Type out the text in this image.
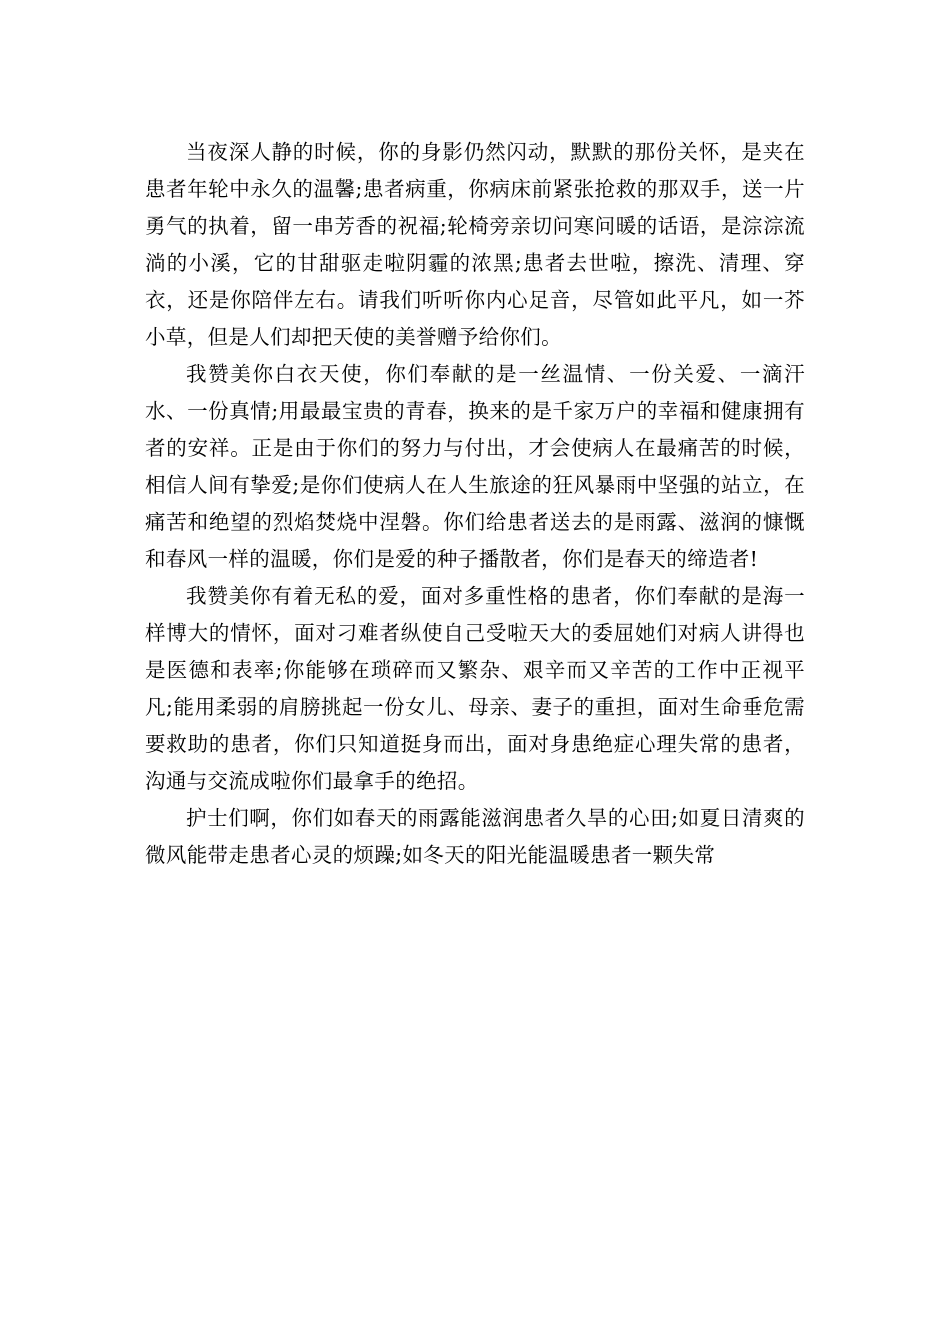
当夜深人静的时候，你的身影仍然闪动，默默的那份关怀，是夹在患者年轮中永久的温馨;患者病重，你病床前紧张抢救的那双手，送一片勇气的执着，留一串芳香的祝福;轮椅旁亲切问寒问暖的话语，是淙淙流淌的小溪，它的甘甜驱走啦阴霾的浓黑;患者去世啦，擦洗、清理、穿衣，还是你陪伴左右。请我们听听你内心足音，尽管如此平凡，如一芥小草，但是人们却把天使的美誉赠予给你们。

我赞美你白衣天使，你们奉献的是一丝温情、一份关爱、一滴汗水、一份真情;用最最宝贵的青春，换来的是千家万户的幸福和健康拥有者的安祥。正是由于你们的努力与付出，才会使病人在最痛苦的时候，相信人间有挚爱;是你们使病人在人生旅途的狂风暴雨中坚强的站立，在痛苦和绝望的烈焰焚烧中涅磐。你们给患者送去的是雨露、滋润的慷慨和春风一样的温暖，你们是爱的种子播散者，你们是春天的缔造者!

我赞美你有着无私的爱，面对多重性格的患者，你们奉献的是海一样博大的情怀，面对刁难者纵使自己受啦天大的委屈她们对病人讲得也是医德和表率;你能够在琐碎而又繁杂、艰辛而又辛苦的工作中正视平凡;能用柔弱的肩膀挑起一份女儿、母亲、妻子的重担，面对生命垂危需要救助的患者，你们只知道挺身而出，面对身患绝症心理失常的患者，沟通与交流成啦你们最拿手的绝招。

护士们啊，你们如春天的雨露能滋润患者久旱的心田;如夏日清爽的微风能带走患者心灵的烦躁;如冬天的阳光能温暖患者一颗失常
